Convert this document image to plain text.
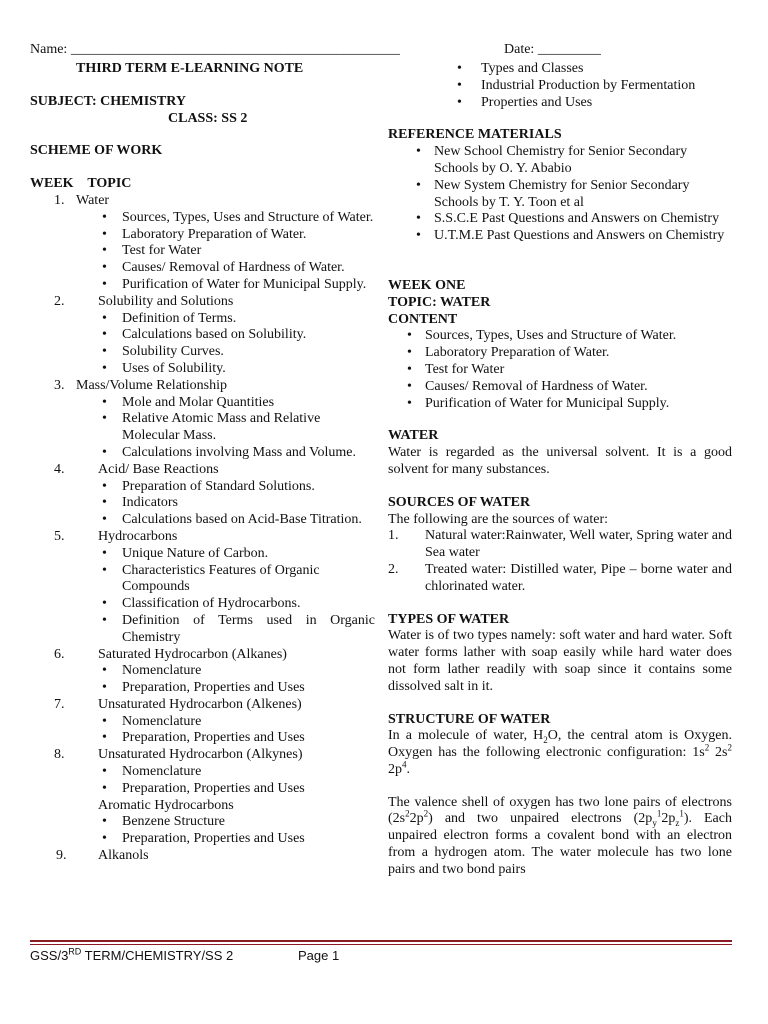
Name: _______________________________________________	Date: _________
THIRD TERM E-LEARNING NOTE
SUBJECT: CHEMISTRY
CLASS: SS 2
SCHEME OF WORK
WEEK    TOPIC
1. Water
• Sources, Types, Uses and Structure of Water.
• Laboratory Preparation of Water.
• Test for Water
• Causes/ Removal of Hardness of Water.
• Purification of Water for Municipal Supply.
2. Solubility and Solutions
• Definition of Terms.
• Calculations based on Solubility.
• Solubility Curves.
• Uses of Solubility.
3. Mass/Volume Relationship
• Mole and Molar Quantities
• Relative Atomic Mass and Relative Molecular Mass.
• Calculations involving Mass and Volume.
4. Acid/ Base Reactions
• Preparation of Standard Solutions.
• Indicators
• Calculations based on Acid-Base Titration.
5. Hydrocarbons
• Unique Nature of Carbon.
• Characteristics Features of Organic Compounds
• Classification of Hydrocarbons.
• Definition of Terms used in Organic Chemistry
6. Saturated Hydrocarbon (Alkanes)
• Nomenclature
• Preparation, Properties and Uses
7. Unsaturated Hydrocarbon (Alkenes)
• Nomenclature
• Preparation, Properties and Uses
8. Unsaturated Hydrocarbon (Alkynes)
• Nomenclature
• Preparation, Properties and Uses
Aromatic Hydrocarbons
• Benzene Structure
• Preparation, Properties and Uses
9. Alkanols
• Types and Classes
• Industrial Production by Fermentation
• Properties and Uses
REFERENCE MATERIALS
• New School Chemistry for Senior Secondary Schools by O. Y. Ababio
• New System Chemistry for Senior Secondary Schools by T. Y. Toon et al
• S.S.C.E Past Questions and Answers on Chemistry
• U.T.M.E Past Questions and Answers on Chemistry
WEEK ONE
TOPIC: WATER
CONTENT
• Sources, Types, Uses and Structure of Water.
• Laboratory Preparation of Water.
• Test for Water
• Causes/ Removal of Hardness of Water.
• Purification of Water for Municipal Supply.
WATER
Water is regarded as the universal solvent. It is a good solvent for many substances.
SOURCES OF WATER
The following are the sources of water:
1. Natural water:Rainwater, Well water, Spring water and Sea water
2. Treated water: Distilled water, Pipe – borne water and chlorinated water.
TYPES OF WATER
Water is of two types namely: soft water and hard water. Soft water forms lather with soap easily while hard water does not form lather readily with soap since it contains some dissolved salt in it.
STRUCTURE OF WATER
In a molecule of water, $H_2O$, the central atom is Oxygen. Oxygen has the following electronic configuration: $1s^2$ $2s^2$ $2p^4$.
The valence shell of oxygen has two lone pairs of electrons $(2s^22p^2)$ and two unpaired electrons $(2p_y^12p_z^1)$. Each unpaired electron forms a covalent bond with an electron from a hydrogen atom. The water molecule has two lone pairs and two bond pairs
GSS/3RD TERM/CHEMISTRY/SS 2	Page 1
